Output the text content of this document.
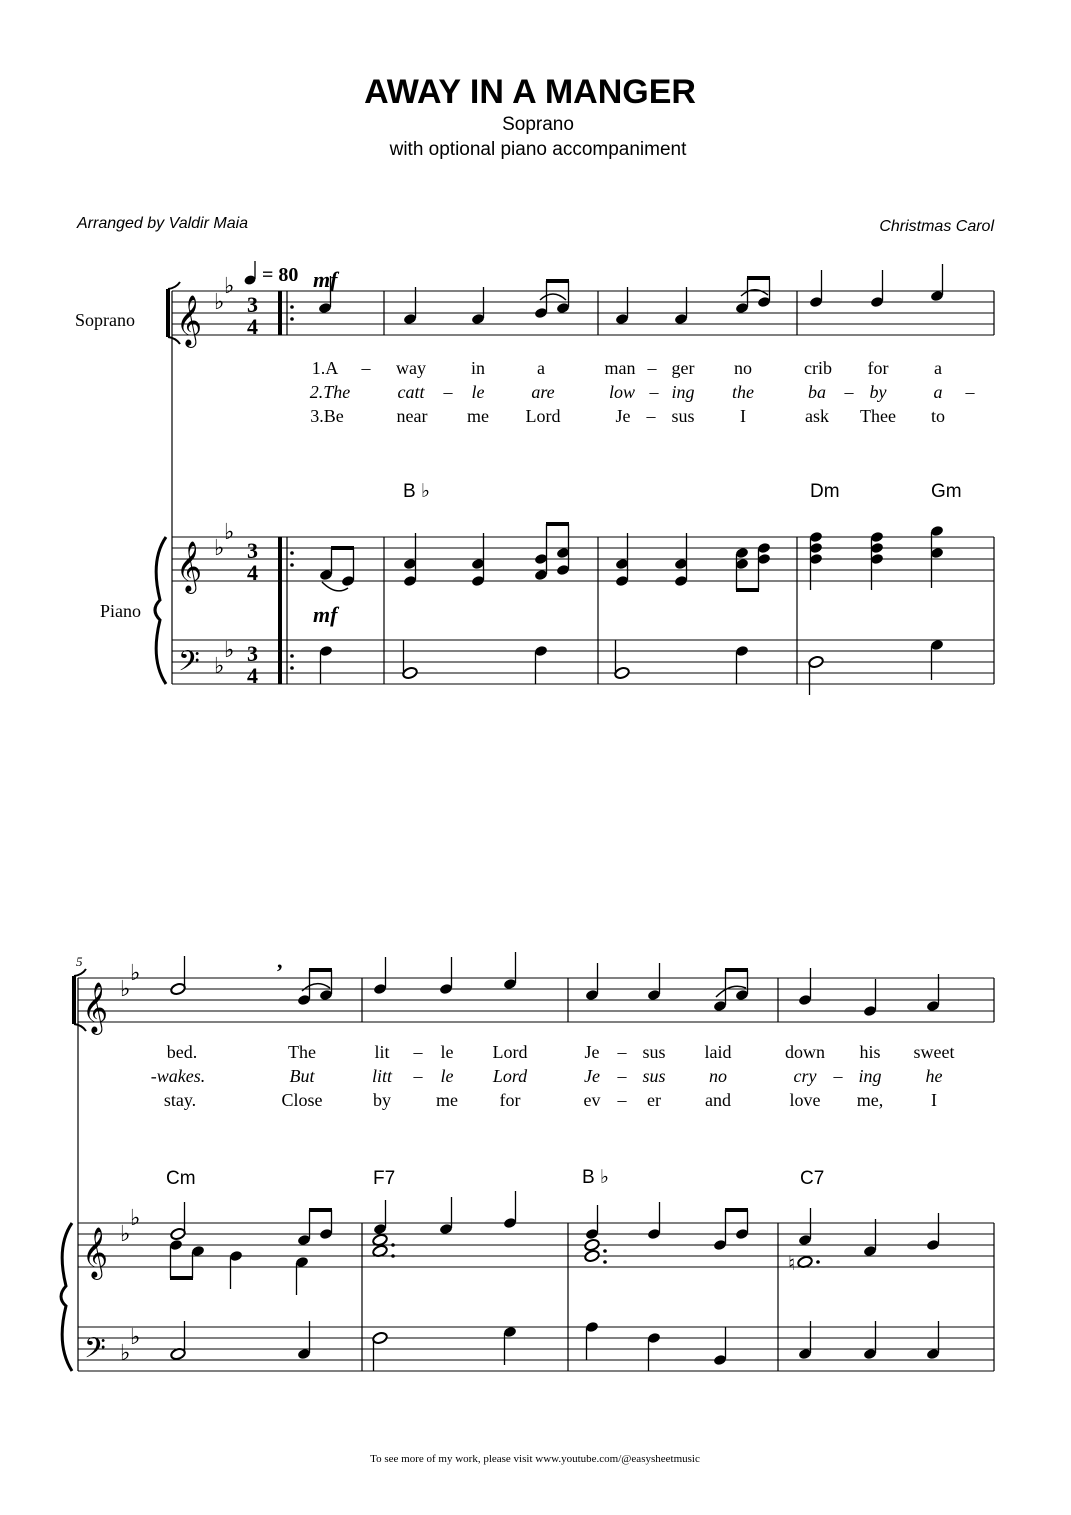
AWAY IN A MANGER
Soprano
with optional piano accompaniment
Arranged by Valdir Maia	Christmas Carol
= 80 mf
Soprano
Piano
𝄞
𝄞
𝄢
♭
♭
♭
♭
♭
♭
3
4
3
4
3
4
1.A – way in	a	man – ger no	crib for	a
2.The	catt – le	are	low – ing the	ba – by	a –
3.Be	near me Lord	Je – sus	I	ask Thee to
B ♭	Dm	Gm
mf
5
𝄞
𝄞
𝄢
♭
♭
♭
♭
♭
♭
,
bed.	The	lit – le Lord	Je – sus laid	down his sweet
-wakes.	But	litt – le Lord	Je – sus no	cry – ing he
stay.	Close	by	me for	ev – er and	love me,	I
Cm	F7	B ♭	C7
♮
To see more of my work, please visit www.youtube.com/@easysheetmusic
